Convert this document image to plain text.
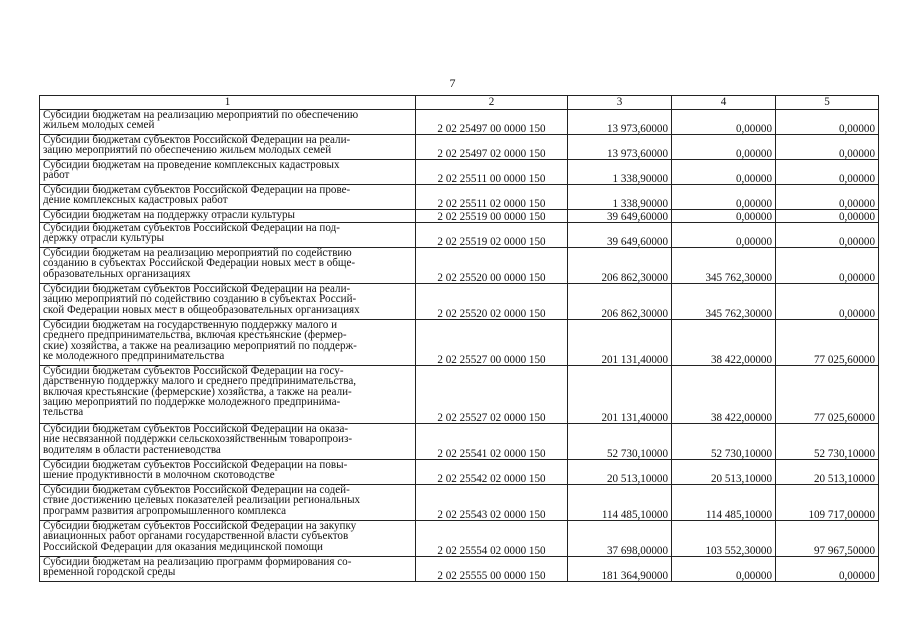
7
1	2	3	4	5

Субсидии бюджетам на реализацию мероприятий по обеспечению
жильем молодых семей	2 02 25497 00 0000 150	13 973,60000	0,00000	0,00000

Субсидии бюджетам субъектов Российской Федерации на реали-
зацию мероприятий по обеспечению жильем молодых семей	2 02 25497 02 0000 150	13 973,60000	0,00000	0,00000

Субсидии бюджетам на проведение комплексных кадастровых
работ	2 02 25511 00 0000 150	1 338,90000	0,00000	0,00000

Субсидии бюджетам субъектов Российской Федерации на прове-
дение комплексных кадастровых работ	2 02 25511 02 0000 150	1 338,90000	0,00000	0,00000

Субсидии бюджетам на поддержку отрасли культуры	2 02 25519 00 0000 150	39 649,60000	0,00000	0,00000

Субсидии бюджетам субъектов Российской Федерации на под-
держку отрасли культуры	2 02 25519 02 0000 150	39 649,60000	0,00000	0,00000

Субсидии бюджетам на реализацию мероприятий по содействию
созданию в субъектах Российской Федерации новых мест в обще-
образовательных организациях	2 02 25520 00 0000 150	206 862,30000	345 762,30000	0,00000

Субсидии бюджетам субъектов Российской Федерации на реали-
зацию мероприятий по содействию созданию в субъектах Россий-
ской Федерации новых мест в общеобразовательных организациях	2 02 25520 02 0000 150	206 862,30000	345 762,30000	0,00000

Субсидии бюджетам на государственную поддержку малого и
среднего предпринимательства, включая крестьянские (фермер-
ские) хозяйства, а также на реализацию мероприятий по поддерж-
ке молодежного предпринимательства	2 02 25527 00 0000 150	201 131,40000	38 422,00000	77 025,60000

Субсидии бюджетам субъектов Российской Федерации на госу-
дарственную поддержку малого и среднего предпринимательства,
включая крестьянские (фермерские) хозяйства, а также на реали-
зацию мероприятий по поддержке молодежного предпринима-
тельства	2 02 25527 02 0000 150	201 131,40000	38 422,00000	77 025,60000

Субсидии бюджетам субъектов Российской Федерации на оказа-
ние несвязанной поддержки сельскохозяйственным товаропроиз-
водителям в области растениеводства	2 02 25541 02 0000 150	52 730,10000	52 730,10000	52 730,10000

Субсидии бюджетам субъектов Российской Федерации на повы-
шение продуктивности в молочном скотоводстве	2 02 25542 02 0000 150	20 513,10000	20 513,10000	20 513,10000

Субсидии бюджетам субъектов Российской Федерации на содей-
ствие достижению целевых показателей реализации региональных
программ развития агропромышленного комплекса	2 02 25543 02 0000 150	114 485,10000	114 485,10000	109 717,00000

Субсидии бюджетам субъектов Российской Федерации на закупку
авиационных работ органами государственной власти субъектов
Российской Федерации для оказания медицинской помощи	2 02 25554 02 0000 150	37 698,00000	103 552,30000	97 967,50000

Субсидии бюджетам на реализацию программ формирования со-
временной городской среды	2 02 25555 00 0000 150	181 364,90000	0,00000	0,00000
